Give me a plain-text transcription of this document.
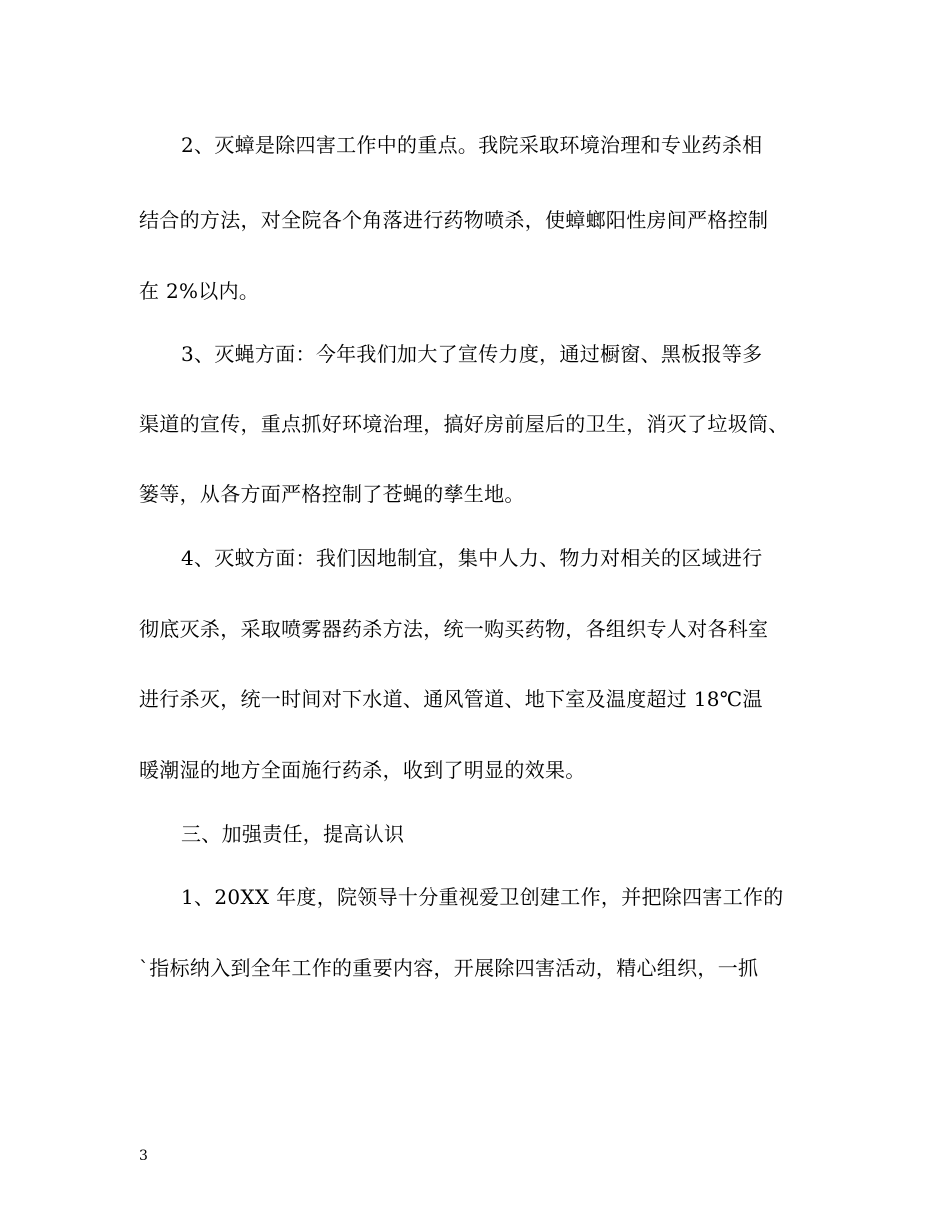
2、灭蟑是除四害工作中的重点。我院采取环境治理和专业药杀相
结合的方法，对全院各个角落进行药物喷杀，使蟑螂阳性房间严格控制
在 2%以内。
3、灭蝇方面：今年我们加大了宣传力度，通过橱窗、黑板报等多
渠道的宣传，重点抓好环境治理，搞好房前屋后的卫生，消灭了垃圾筒、
篓等，从各方面严格控制了苍蝇的孳生地。
4、灭蚊方面：我们因地制宜，集中人力、物力对相关的区域进行
彻底灭杀，采取喷雾器药杀方法，统一购买药物，各组织专人对各科室
进行杀灭，统一时间对下水道、通风管道、地下室及温度超过 18℃温
暖潮湿的地方全面施行药杀，收到了明显的效果。
三、加强责任，提高认识
1、20XX 年度，院领导十分重视爱卫创建工作，并把除四害工作的
`指标纳入到全年工作的重要内容，开展除四害活动，精心组织，一抓
3
